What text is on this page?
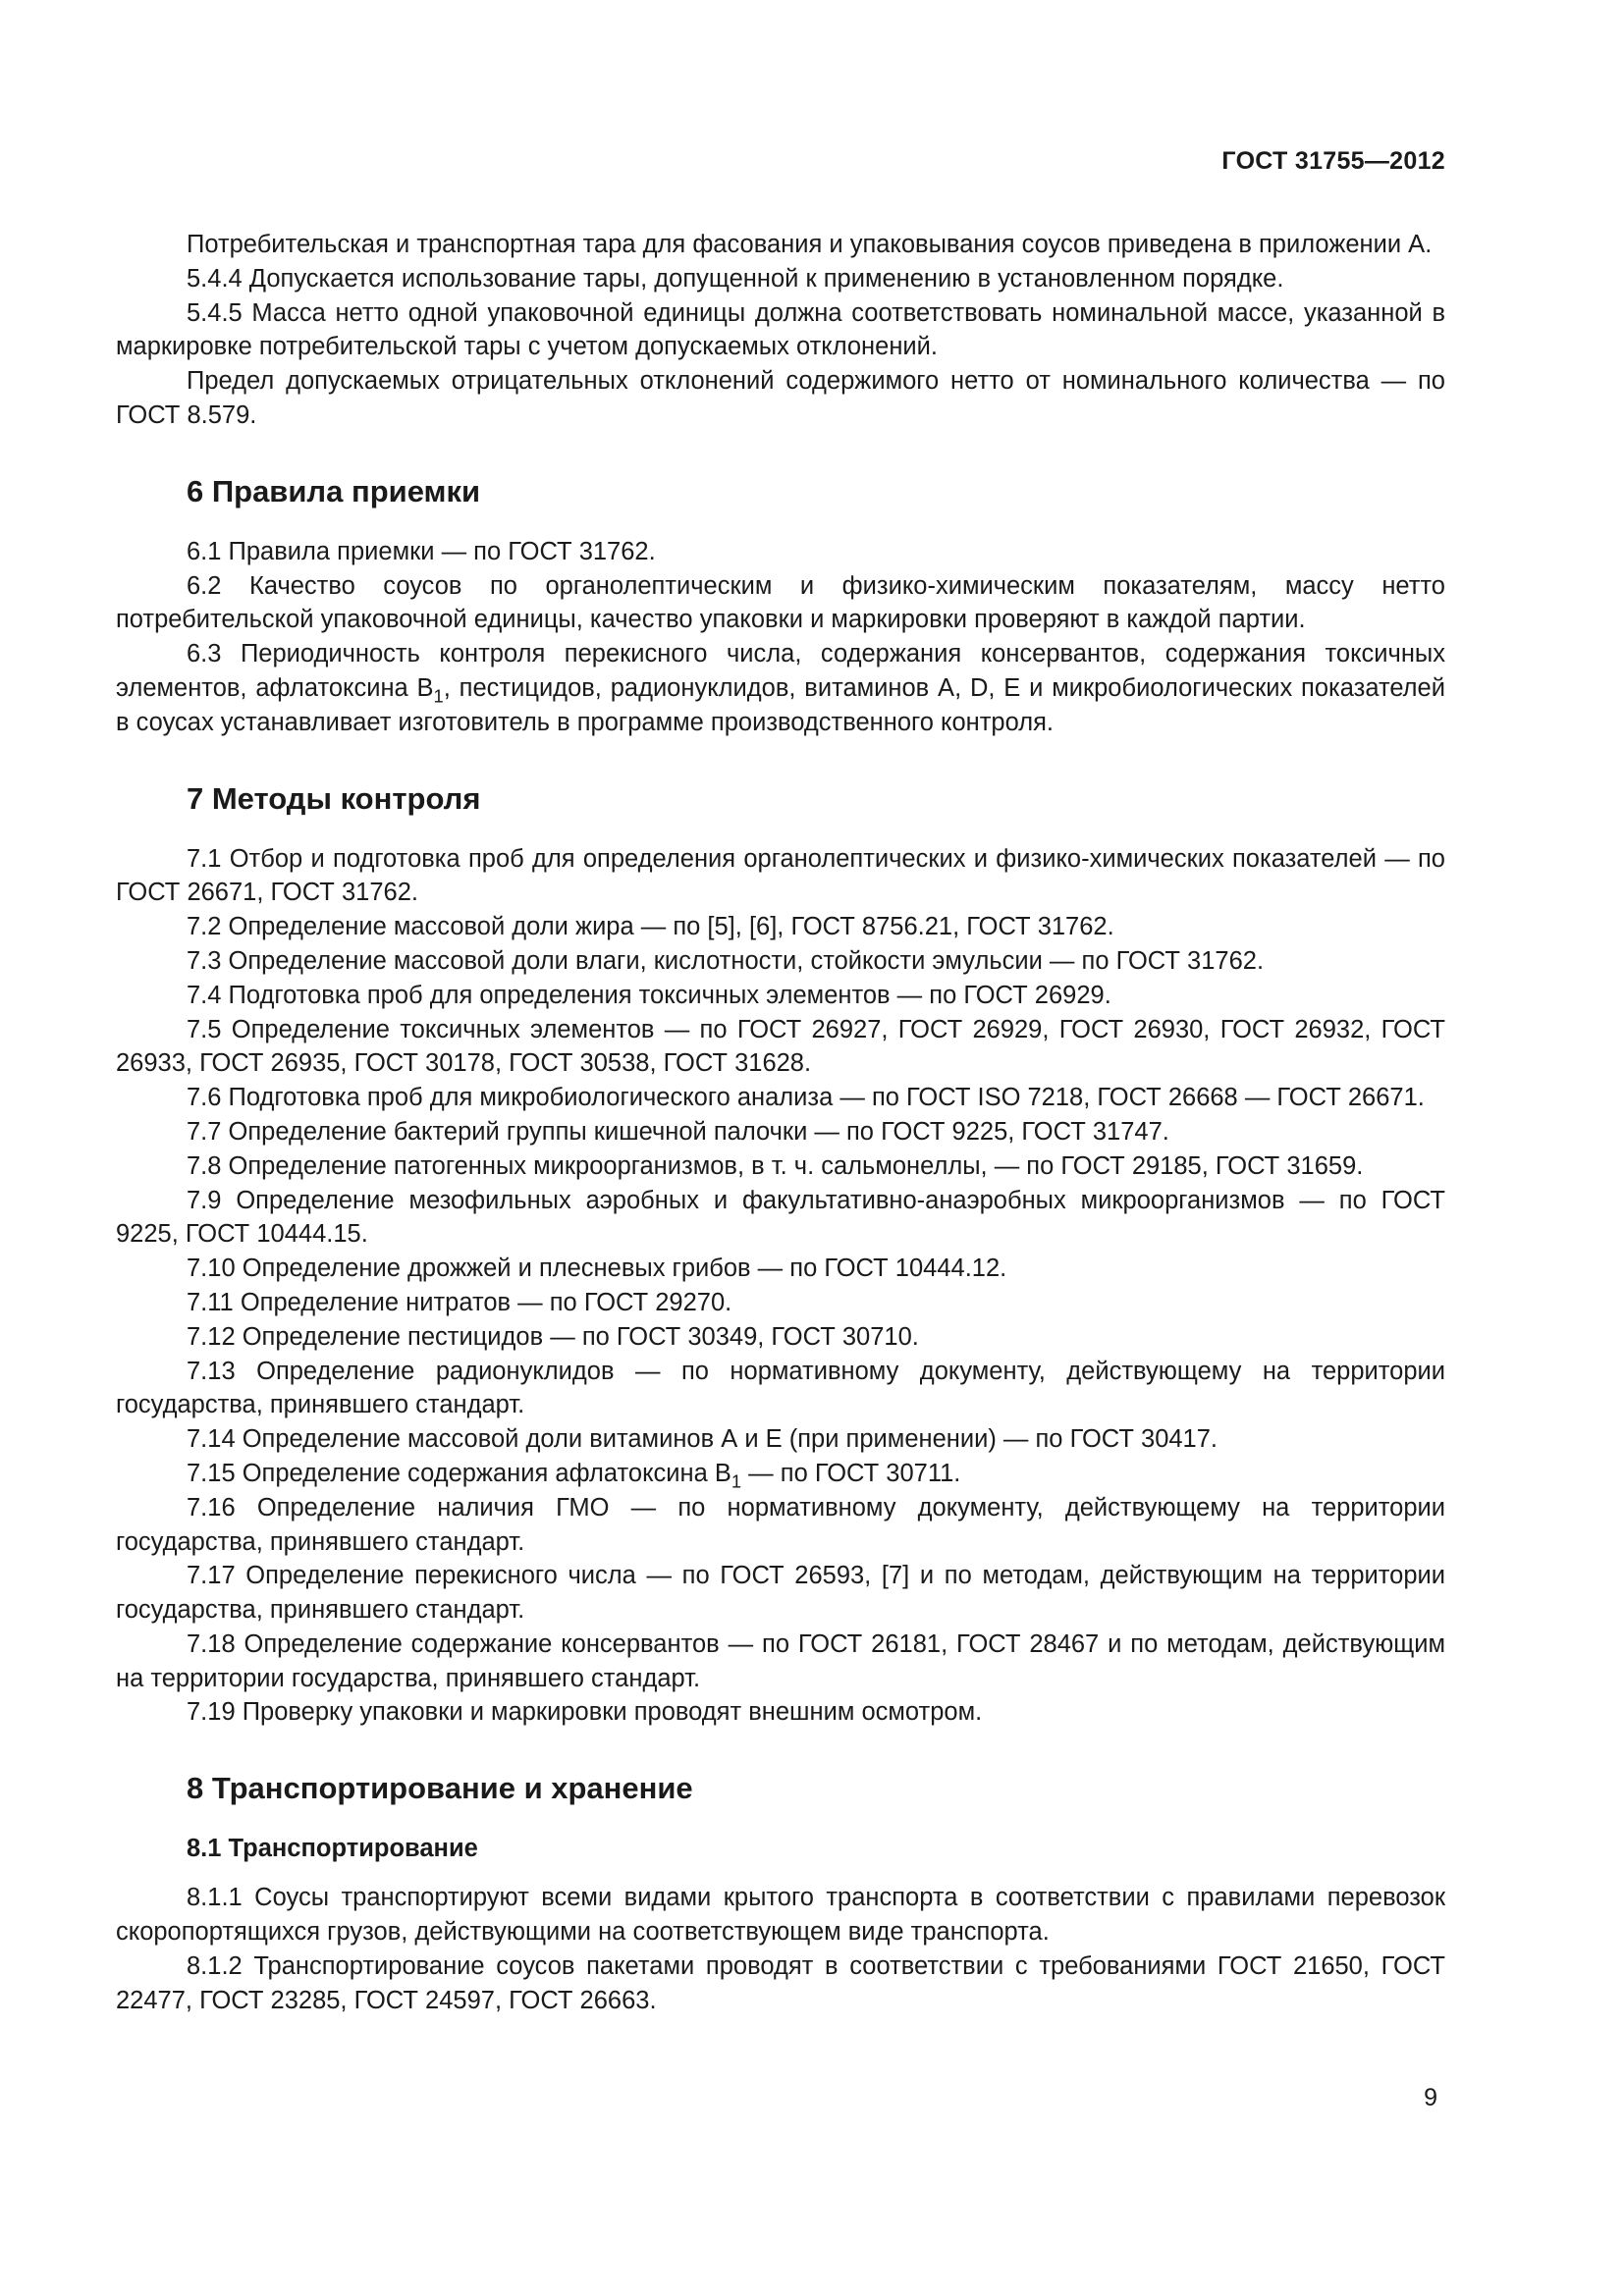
ГОСТ 31755—2012

Потребительская и транспортная тара для фасования и упаковывания соусов приведена в приложении А.

5.4.4 Допускается использование тары, допущенной к применению в установленном порядке.

5.4.5 Масса нетто одной упаковочной единицы должна соответствовать номинальной массе, указанной в маркировке потребительской тары с учетом допускаемых отклонений.

Предел допускаемых отрицательных отклонений содержимого нетто от номинального количества — по ГОСТ 8.579.

6 Правила приемки

6.1 Правила приемки — по ГОСТ 31762.

6.2 Качество соусов по органолептическим и физико-химическим показателям, массу нетто потребительской упаковочной единицы, качество упаковки и маркировки проверяют в каждой партии.

6.3 Периодичность контроля перекисного числа, содержания консервантов, содержания токсичных элементов, афлатоксина $В_1$, пестицидов, радионуклидов, витаминов А, D, Е и микробиологических показателей в соусах устанавливает изготовитель в программе производственного контроля.

7 Методы контроля

7.1 Отбор и подготовка проб для определения органолептических и физико-химических показателей — по ГОСТ 26671, ГОСТ 31762.

7.2 Определение массовой доли жира — по [5], [6], ГОСТ 8756.21, ГОСТ 31762.

7.3 Определение массовой доли влаги, кислотности, стойкости эмульсии — по ГОСТ 31762.

7.4 Подготовка проб для определения токсичных элементов — по ГОСТ 26929.

7.5 Определение токсичных элементов — по ГОСТ 26927, ГОСТ 26929, ГОСТ 26930, ГОСТ 26932, ГОСТ 26933, ГОСТ 26935, ГОСТ 30178, ГОСТ 30538, ГОСТ 31628.

7.6 Подготовка проб для микробиологического анализа — по ГОСТ ISO 7218, ГОСТ 26668 — ГОСТ 26671.

7.7 Определение бактерий группы кишечной палочки — по ГОСТ 9225, ГОСТ 31747.

7.8 Определение патогенных микроорганизмов, в т. ч. сальмонеллы, — по ГОСТ 29185, ГОСТ 31659.

7.9 Определение мезофильных аэробных и факультативно-анаэробных микроорганизмов — по ГОСТ 9225, ГОСТ 10444.15.

7.10 Определение дрожжей и плесневых грибов — по ГОСТ 10444.12.

7.11 Определение нитратов — по ГОСТ 29270.

7.12 Определение пестицидов — по ГОСТ 30349, ГОСТ 30710.

7.13 Определение радионуклидов — по нормативному документу, действующему на территории государства, принявшего стандарт.

7.14 Определение массовой доли витаминов А и Е (при применении) — по ГОСТ 30417.

7.15 Определение содержания афлатоксина $В_1$ — по ГОСТ 30711.

7.16 Определение наличия ГМО — по нормативному документу, действующему на территории государства, принявшего стандарт.

7.17 Определение перекисного числа — по ГОСТ 26593, [7] и по методам, действующим на территории государства, принявшего стандарт.

7.18 Определение содержание консервантов — по ГОСТ 26181, ГОСТ 28467 и по методам, действующим на территории государства, принявшего стандарт.

7.19 Проверку упаковки и маркировки проводят внешним осмотром.

8 Транспортирование и хранение
8.1 Транспортирование

8.1.1 Соусы транспортируют всеми видами крытого транспорта в соответствии с правилами перевозок скоропортящихся грузов, действующими на соответствующем виде транспорта.

8.1.2 Транспортирование соусов пакетами проводят в соответствии с требованиями ГОСТ 21650, ГОСТ 22477, ГОСТ 23285, ГОСТ 24597, ГОСТ 26663.

9
